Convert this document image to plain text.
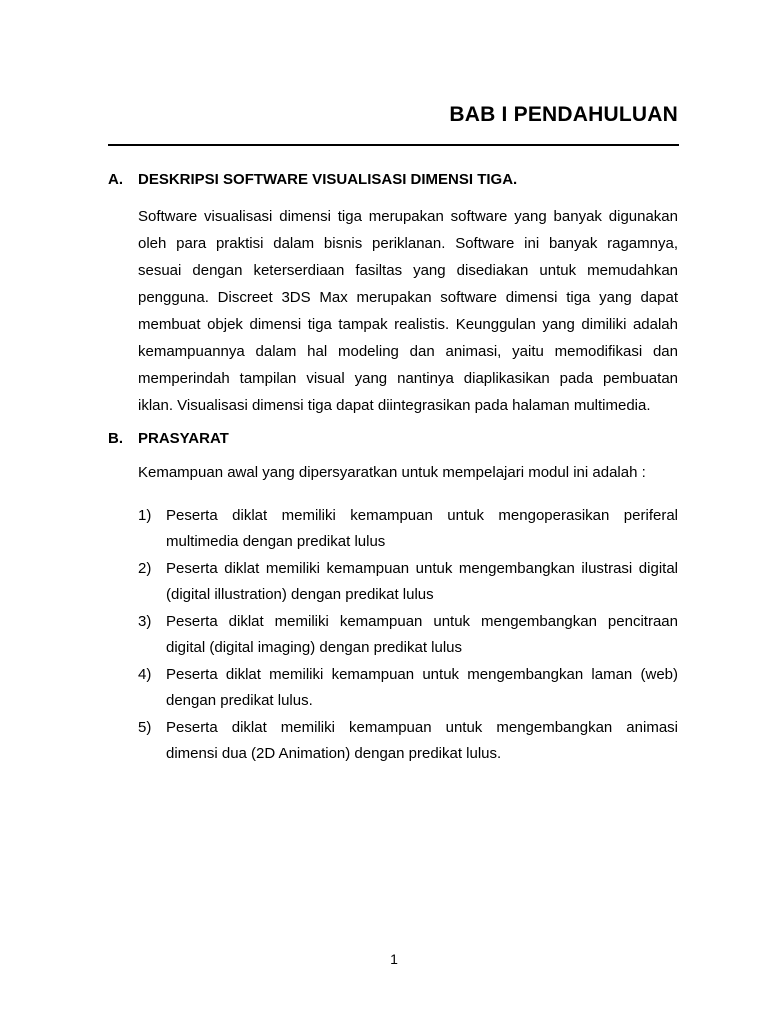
BAB I PENDAHULUAN
A. DESKRIPSI SOFTWARE VISUALISASI DIMENSI TIGA.
Software visualisasi dimensi tiga merupakan software yang banyak digunakan
oleh para praktisi dalam bisnis periklanan. Software ini banyak ragamnya,
sesuai dengan keterserdiaan fasiltas yang disediakan untuk memudahkan
pengguna. Discreet 3DS Max merupakan software dimensi tiga yang dapat
membuat objek dimensi tiga tampak realistis. Keunggulan yang dimiliki adalah
kemampuannya dalam hal modeling dan animasi, yaitu memodifikasi dan
memperindah tampilan visual yang nantinya diaplikasikan pada pembuatan
iklan. Visualisasi dimensi tiga dapat diintegrasikan pada halaman multimedia.
B. PRASYARAT
Kemampuan awal yang dipersyaratkan untuk mempelajari modul ini adalah :
1) Peserta diklat memiliki kemampuan untuk mengoperasikan periferal
multimedia dengan predikat lulus
2) Peserta diklat memiliki kemampuan untuk mengembangkan ilustrasi digital
(digital illustration) dengan predikat lulus
3) Peserta diklat memiliki kemampuan untuk mengembangkan pencitraan
digital (digital imaging) dengan predikat lulus
4) Peserta diklat memiliki kemampuan untuk mengembangkan laman (web)
dengan predikat lulus.
5) Peserta diklat memiliki kemampuan untuk mengembangkan animasi
dimensi dua (2D Animation) dengan predikat lulus.
1
